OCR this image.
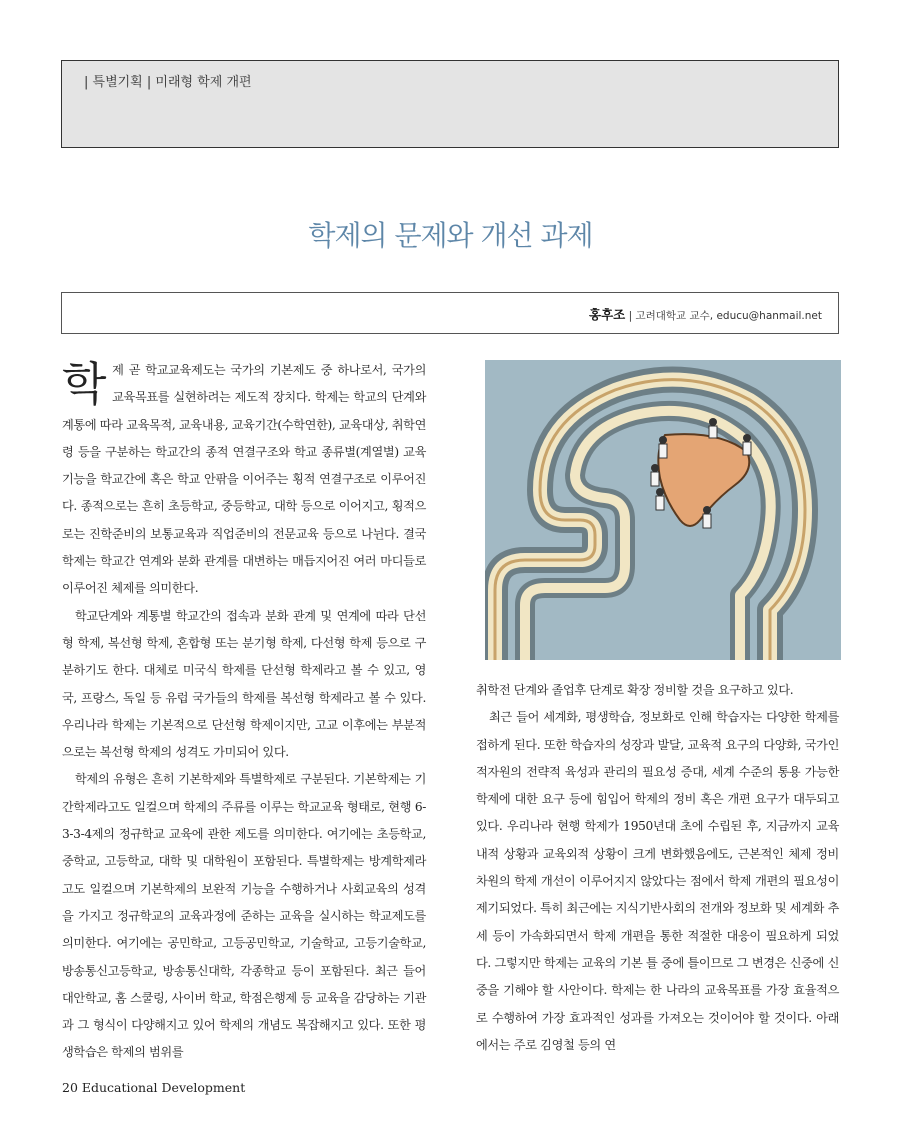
| 특별기획 | 미래형 학제 개편
학제의 문제와 개선 과제
홍후조 | 고려대학교 교수, educu@hanmail.net

학제 곧 학교교육제도는 국가의 기본제도 중 하나로서, 국가의 교육목표를 실현하려는 제도적 장치다. 학제는 학교의 단계와 계통에 따라 교육목적, 교육내용, 교육기간(수학연한), 교육대상, 취학연령 등을 구분하는 학교간의 종적 연결구조와 학교 종류별(계열별) 교육 기능을 학교간에 혹은 학교 안팎을 이어주는 횡적 연결구조로 이루어진다. 종적으로는 흔히 초등학교, 중등학교, 대학 등으로 이어지고, 횡적으로는 진학준비의 보통교육과 직업준비의 전문교육 등으로 나뉜다. 결국 학제는 학교간 연계와 분화 관계를 대변하는 매듭지어진 여러 마디들로 이루어진 체제를 의미한다.

학교단계와 계통별 학교간의 접속과 분화 관계 및 연계에 따라 단선형 학제, 복선형 학제, 혼합형 또는 분기형 학제, 다선형 학제 등으로 구분하기도 한다. 대체로 미국식 학제를 단선형 학제라고 볼 수 있고, 영국, 프랑스, 독일 등 유럽 국가들의 학제를 복선형 학제라고 볼 수 있다. 우리나라 학제는 기본적으로 단선형 학제이지만, 고교 이후에는 부분적으로는 복선형 학제의 성격도 가미되어 있다.

학제의 유형은 흔히 기본학제와 특별학제로 구분된다. 기본학제는 기간학제라고도 일컬으며 학제의 주류를 이루는 학교교육 형태로, 현행 6-3-3-4제의 정규학교 교육에 관한 제도를 의미한다. 여기에는 초등학교, 중학교, 고등학교, 대학 및 대학원이 포함된다. 특별학제는 방계학제라고도 일컬으며 기본학제의 보완적 기능을 수행하거나 사회교육의 성격을 가지고 정규학교의 교육과정에 준하는 교육을 실시하는 학교제도를 의미한다. 여기에는 공민학교, 고등공민학교, 기술학교, 고등기술학교, 방송통신고등학교, 방송통신대학, 각종학교 등이 포함된다. 최근 들어 대안학교, 홈 스쿨링, 사이버 학교, 학점은행제 등 교육을 감당하는 기관과 그 형식이 다양해지고 있어 학제의 개념도 복잡해지고 있다. 또한 평생학습은 학제의 범위를

취학전 단계와 졸업후 단계로 확장 정비할 것을 요구하고 있다.

최근 들어 세계화, 평생학습, 정보화로 인해 학습자는 다양한 학제를 접하게 된다. 또한 학습자의 성장과 발달, 교육적 요구의 다양화, 국가인적자원의 전략적 육성과 관리의 필요성 증대, 세계 수준의 통용 가능한 학제에 대한 요구 등에 힘입어 학제의 정비 혹은 개편 요구가 대두되고 있다. 우리나라 현행 학제가 1950년대 초에 수립된 후, 지금까지 교육내적 상황과 교육외적 상황이 크게 변화했음에도, 근본적인 체제 정비 차원의 학제 개선이 이루어지지 않았다는 점에서 학제 개편의 필요성이 제기되었다. 특히 최근에는 지식기반사회의 전개와 정보화 및 세계화 추세 등이 가속화되면서 학제 개편을 통한 적절한 대응이 필요하게 되었다. 그렇지만 학제는 교육의 기본 틀 중에 틀이므로 그 변경은 신중에 신중을 기해야 할 사안이다. 학제는 한 나라의 교육목표를 가장 효율적으로 수행하여 가장 효과적인 성과를 가져오는 것이어야 할 것이다. 아래에서는 주로 김영철 등의 연

20 Educational Development
